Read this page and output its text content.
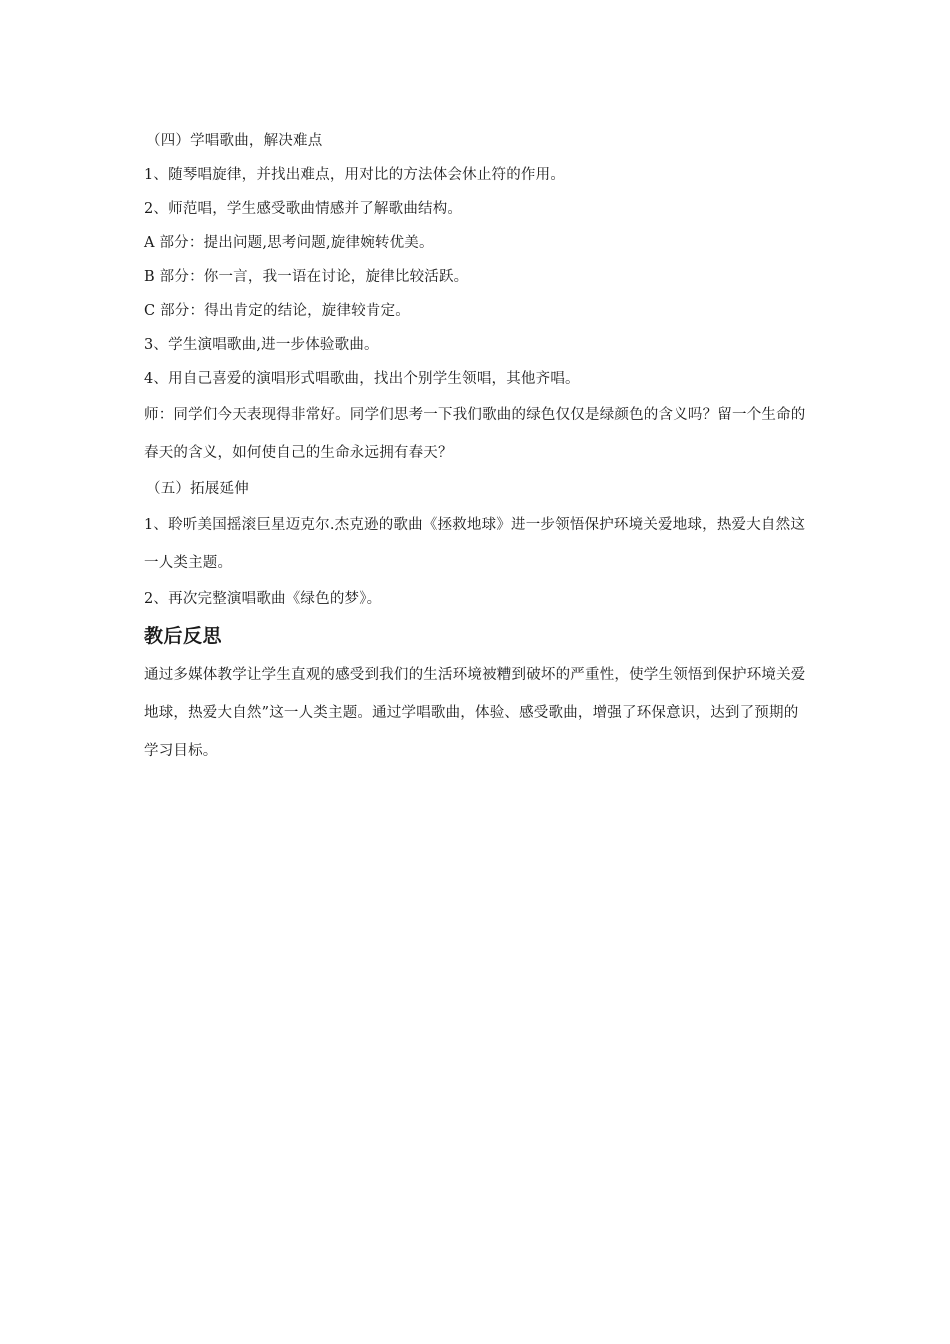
（四）学唱歌曲，解决难点

1、随琴唱旋律，并找出难点，用对比的方法体会休止符的作用。

2、师范唱，学生感受歌曲情感并了解歌曲结构。

A 部分：提出问题,思考问题,旋律婉转优美。

B 部分：你一言，我一语在讨论，旋律比较活跃。

C 部分：得出肯定的结论，旋律较肯定。

3、学生演唱歌曲,进一步体验歌曲。

4、用自己喜爱的演唱形式唱歌曲，找出个别学生领唱，其他齐唱。

师：同学们今天表现得非常好。同学们思考一下我们歌曲的绿色仅仅是绿颜色的含义吗？留一个生命的春天的含义，如何使自己的生命永远拥有春天？

（五）拓展延伸

1、聆听美国摇滚巨星迈克尔.杰克逊的歌曲《拯救地球》进一步领悟保护环境关爱地球，热爱大自然这一人类主题。

2、再次完整演唱歌曲《绿色的梦》。

教后反思

通过多媒体教学让学生直观的感受到我们的生活环境被糟到破坏的严重性，使学生领悟到保护环境关爱地球，热爱大自然”这一人类主题。通过学唱歌曲，体验、感受歌曲，增强了环保意识，达到了预期的学习目标。
